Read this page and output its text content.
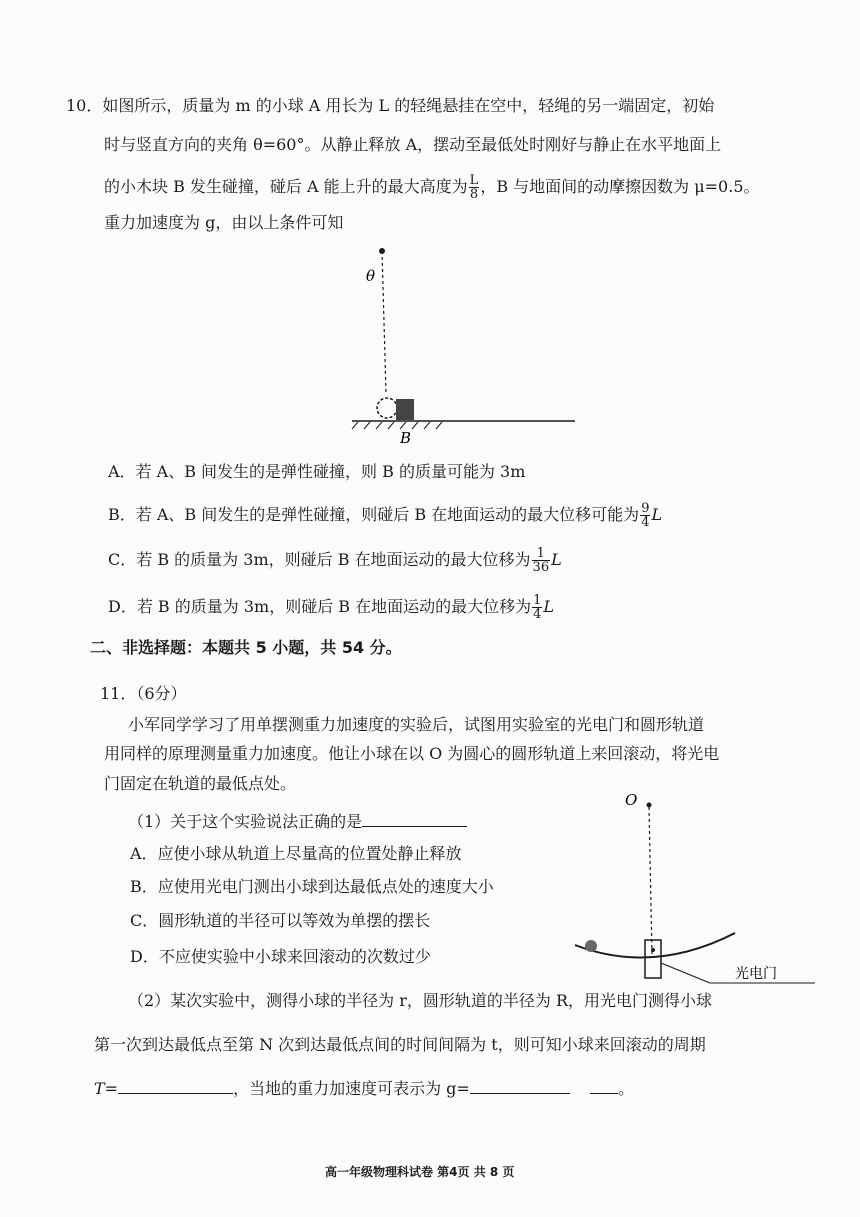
10．如图所示，质量为 m 的小球 A 用长为 L 的轻绳悬挂在空中，轻绳的另一端固定，初始
时与竖直方向的夹角 θ=60°。从静止释放 A，摆动至最低处时刚好与静止在水平地面上
的小木块 B 发生碰撞，碰后 A 能上升的最大高度为 $\frac{L}{8}$ ，B 与地面间的动摩擦因数为 μ=0.5。
重力加速度为 g，由以上条件可知
θ
B
A．若 A、B 间发生的是弹性碰撞，则 B 的质量可能为 3m
B．若 A、B 间发生的是弹性碰撞，则碰后 B 在地面运动的最大位移可能为 $\frac{9}{4}$ L
C．若 B 的质量为 3m，则碰后 B 在地面运动的最大位移为 $\frac{1}{36}$ L
D．若 B 的质量为 3m，则碰后 B 在地面运动的最大位移为 $\frac{1}{4}$ L
二、非选择题：本题共 5 小题，共 54 分。
11．（6分）
小军同学学习了用单摆测重力加速度的实验后，试图用实验室的光电门和圆形轨道
用同样的原理测量重力加速度。他让小球在以 O 为圆心的圆形轨道上来回滚动，将光电
门固定在轨道的最低点处。
（1）关于这个实验说法正确的是
A．应使小球从轨道上尽量高的位置处静止释放
B．应使用光电门测出小球到达最低点处的速度大小
C．圆形轨道的半径可以等效为单摆的摆长
D．不应使实验中小球来回滚动的次数过少
O
光电门
（2）某次实验中，测得小球的半径为 r，圆形轨道的半径为 R，用光电门测得小球
第一次到达最低点至第 N 次到达最低点间的时间间隔为 t，则可知小球来回滚动的周期
T=	，当地的重力加速度可表示为 g=	。
高一年级物理科试卷 第4页 共 8 页
